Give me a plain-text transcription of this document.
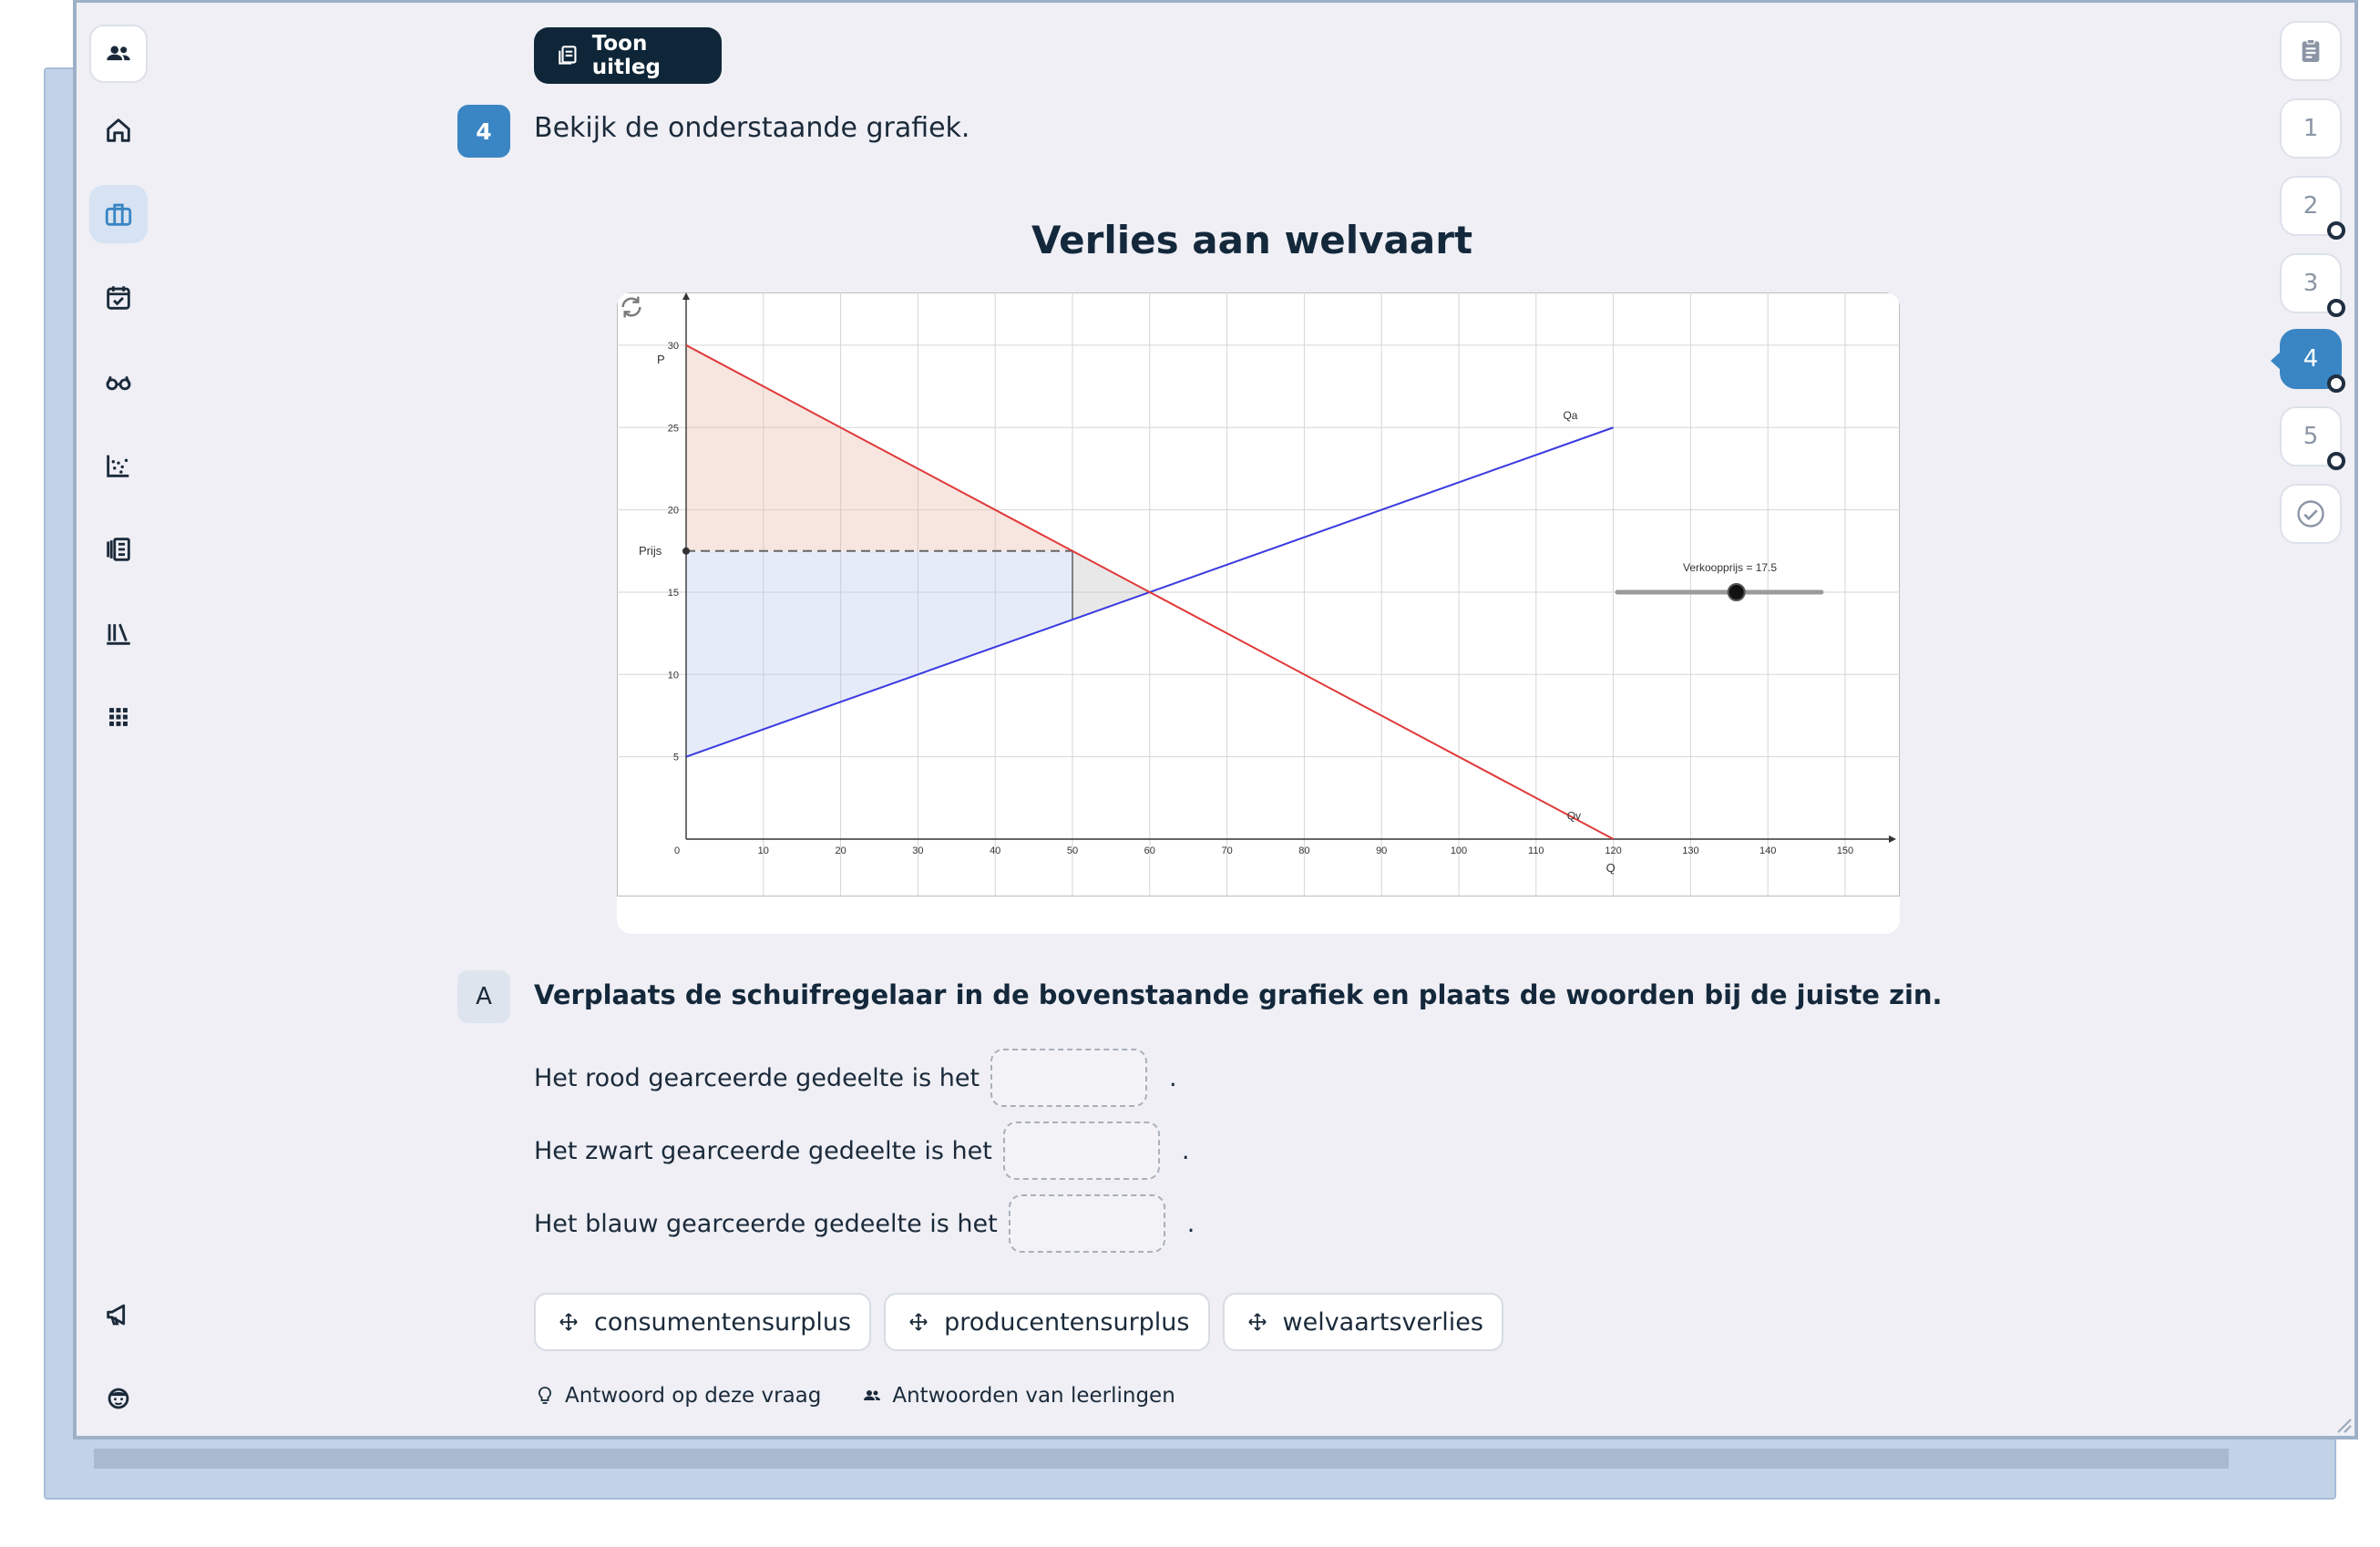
Toon uitleg
4	Bekijk de onderstaande grafiek.
Verlies aan welvaart
0	10	20	30	40	50	60	70	80	90	100	110	120	130	140	150
5
10
15
20
25
30
P
Q
Prijs
Qa
Qv
Verkoopprijs = 17.5
A	Verplaats de schuifregelaar in de bovenstaande grafiek en plaats de woorden bij de juiste zin.
Het rood gearceerde gedeelte is het	.
Het zwart gearceerde gedeelte is het	.
Het blauw gearceerde gedeelte is het	.
consumentensurplus	producentensurplus	welvaartsverlies
Antwoord op deze vraag	Antwoorden van leerlingen
1
2
3
4
5
